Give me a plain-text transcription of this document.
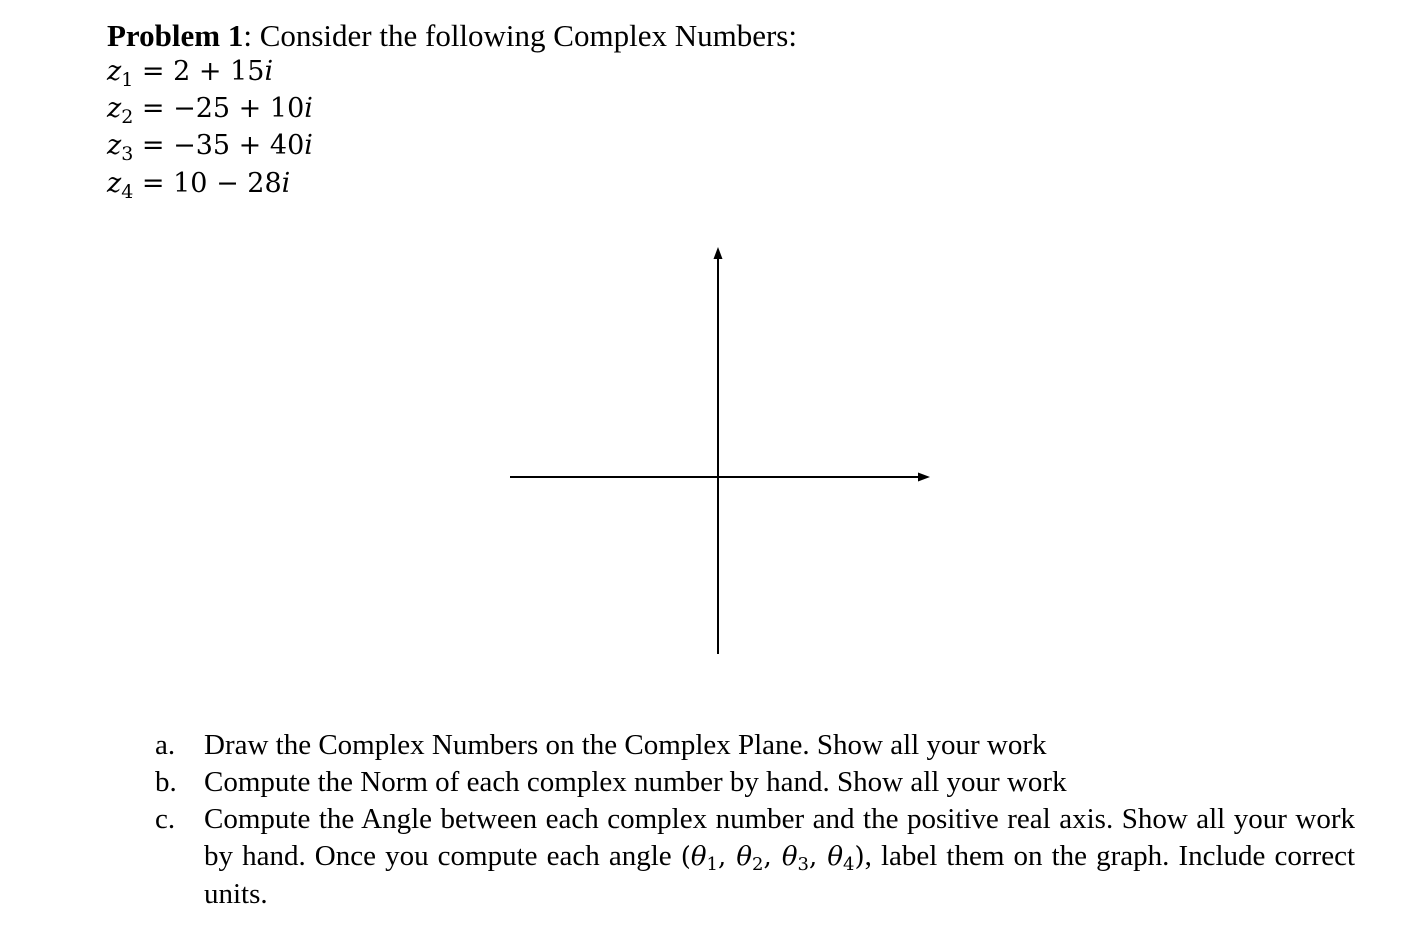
Problem 1: Consider the following Complex Numbers:
$z_1 = 2 + 15i$
$z_2 = -25 + 10i$
$z_3 = -35 + 40i$
$z_4 = 10 - 28i$
a. Draw the Complex Numbers on the Complex Plane. Show all your work
b. Compute the Norm of each complex number by hand. Show all your work
c. Compute the Angle between each complex number and the positive real axis. Show all your work by hand. Once you compute each angle ($\theta_1$, $\theta_2$, $\theta_3$, $\theta_4$), label them on the graph. Include correct units.
